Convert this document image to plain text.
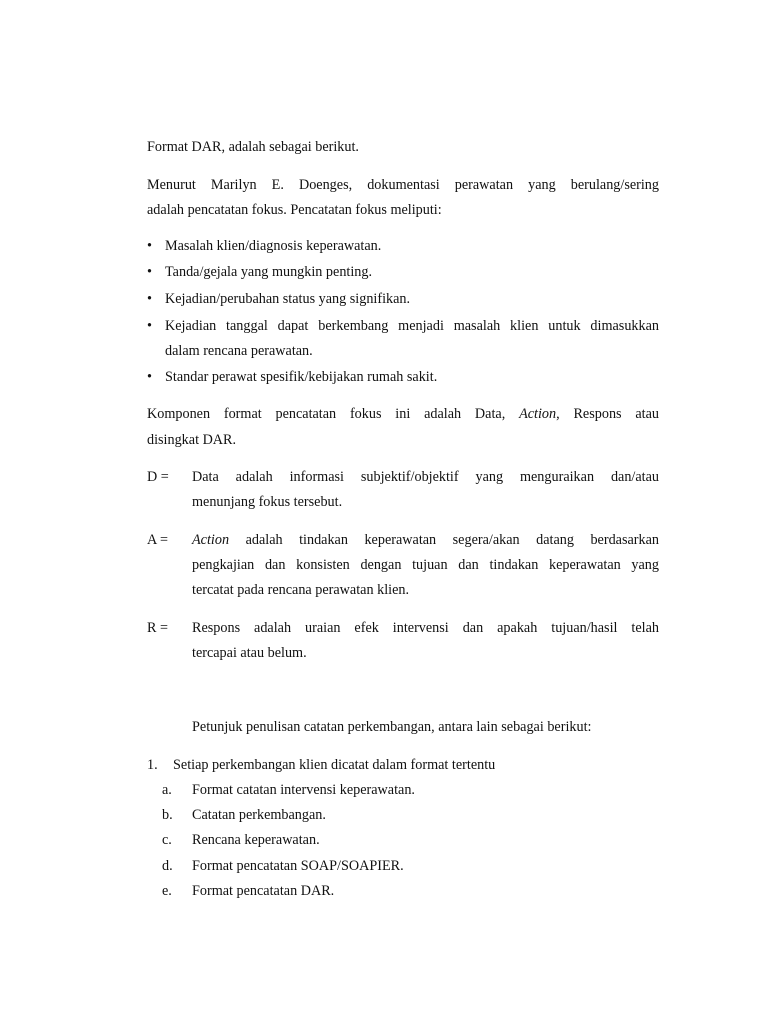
Format DAR, adalah sebagai berikut.
Menurut Marilyn E. Doenges, dokumentasi perawatan yang berulang/sering
adalah pencatatan fokus. Pencatatan fokus meliputi:
• Masalah klien/diagnosis keperawatan.
• Tanda/gejala yang mungkin penting.
• Kejadian/perubahan status yang signifikan.
• Kejadian tanggal dapat berkembang menjadi masalah klien untuk dimasukkan
dalam rencana perawatan.
• Standar perawat spesifik/kebijakan rumah sakit.
Komponen format pencatatan fokus ini adalah Data, Action, Respons atau
disingkat DAR.
D =	Data adalah informasi subjektif/objektif yang menguraikan dan/atau
menunjang fokus tersebut.
A =	Action adalah tindakan keperawatan segera/akan datang berdasarkan
pengkajian dan konsisten dengan tujuan dan tindakan keperawatan yang
tercatat pada rencana perawatan klien.
R =	Respons adalah uraian efek intervensi dan apakah tujuan/hasil telah
tercapai atau belum.
Petunjuk penulisan catatan perkembangan, antara lain sebagai berikut:
1. Setiap perkembangan klien dicatat dalam format tertentu
a. Format catatan intervensi keperawatan.
b. Catatan perkembangan.
c. Rencana keperawatan.
d. Format pencatatan SOAP/SOAPIER.
e. Format pencatatan DAR.
